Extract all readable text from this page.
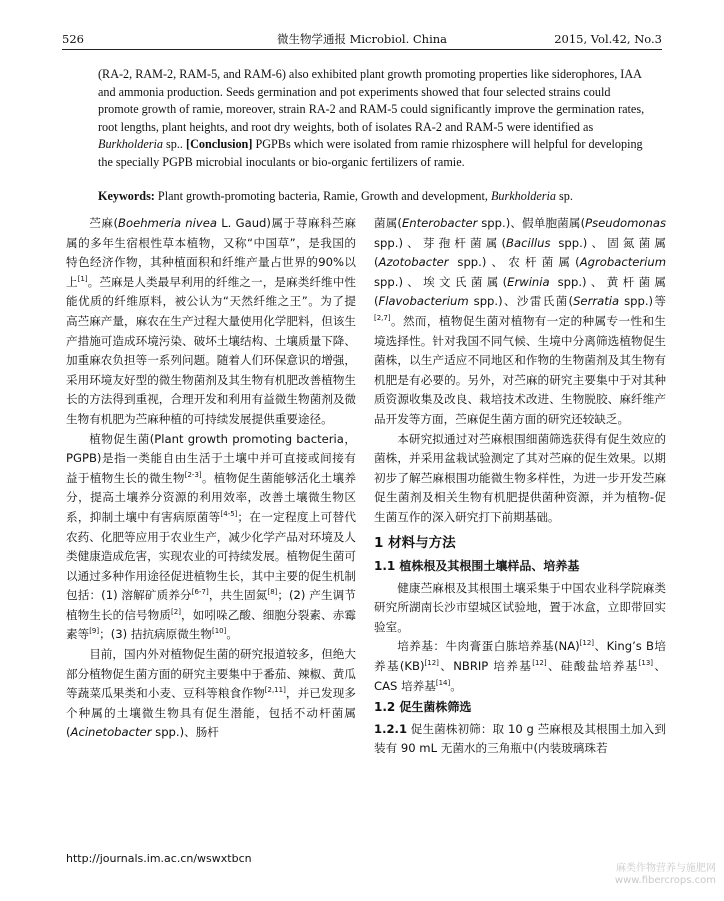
526	微生物学通报 Microbiol. China	2015, Vol.42, No.3
(RA-2, RAM-2, RAM-5, and RAM-6) also exhibited plant growth promoting properties like siderophores, IAA and ammonia production. Seeds germination and pot experiments showed that four selected strains could promote growth of ramie, moreover, strain RA-2 and RAM-5 could significantly improve the germination rates, root lengths, plant heights, and root dry weights, both of isolates RA-2 and RAM-5 were identified as Burkholderia sp.. [Conclusion] PGPBs which were isolated from ramie rhizosphere will helpful for developing the specially PGPB microbial inoculants or bio-organic fertilizers of ramie.
Keywords: Plant growth-promoting bacteria, Ramie, Growth and development, Burkholderia sp.

苎麻(Boehmeria nivea L. Gaud)属于荨麻科苎麻属的多年生宿根性草本植物，又称“中国草”，是我国的特色经济作物，其种植面积和纤维产量占世界的90%以上[1]。苎麻是人类最早利用的纤维之一，是麻类纤维中性能优质的纤维原料，被公认为“天然纤维之王”。为了提高苎麻产量，麻农在生产过程大量使用化学肥料，但该生产措施可造成环境污染、破坏土壤结构、土壤质量下降、加重麻农负担等一系列问题。随着人们环保意识的增强，采用环境友好型的微生物菌剂及其生物有机肥改善植物生长的方法得到重视，合理开发和利用有益微生物菌剂及微生物有机肥为苎麻种植的可持续发展提供重要途径。

植物促生菌(Plant growth promoting bacteria，PGPB)是指一类能自由生活于土壤中并可直接或间接有益于植物生长的微生物[2-3]。植物促生菌能够活化土壤养分，提高土壤养分资源的利用效率，改善土壤微生物区系，抑制土壤中有害病原菌等[4-5]；在一定程度上可替代农药、化肥等应用于农业生产，减少化学产品对环境及人类健康造成危害，实现农业的可持续发展。植物促生菌可以通过多种作用途径促进植物生长，其中主要的促生机制包括：(1) 溶解矿质养分[6-7]，共生固氮[8]；(2) 产生调节植物生长的信号物质[2]，如吲哚乙酸、细胞分裂素、赤霉素等[9]；(3) 拮抗病原微生物[10]。

目前，国内外对植物促生菌的研究报道较多，但绝大部分植物促生菌方面的研究主要集中于番茄、辣椒、黄瓜等蔬菜瓜果类和小麦、豆科等粮食作物[2,11]，并已发现多个种属的土壤微生物具有促生潜能，包括不动杆菌属(Acinetobacter spp.)、肠杆

菌属(Enterobacter spp.)、假单胞菌属(Pseudomonas spp.)、芽孢杆菌属(Bacillus spp.)、固氮菌属(Azotobacter spp.)、农杆菌属(Agrobacterium spp.)、埃文氏菌属(Erwinia spp.)、黄杆菌属(Flavobacterium spp.)、沙雷氏菌(Serratia spp.)等[2,7]。然而，植物促生菌对植物有一定的种属专一性和生境选择性。针对我国不同气候、生境中分离筛选植物促生菌株，以生产适应不同地区和作物的生物菌剂及其生物有机肥是有必要的。另外，对苎麻的研究主要集中于对其种质资源收集及改良、栽培技术改进、生物脱胶、麻纤维产品开发等方面，苎麻促生菌方面的研究还较缺乏。

本研究拟通过对苎麻根围细菌筛选获得有促生效应的菌株，并采用盆栽试验测定了其对苎麻的促生效果。以期初步了解苎麻根围功能微生物多样性，为进一步开发苎麻促生菌剂及相关生物有机肥提供菌种资源，并为植物-促生菌互作的深入研究打下前期基础。

1 材料与方法
1.1 植株根及其根围土壤样品、培养基

健康苎麻根及其根围土壤采集于中国农业科学院麻类研究所湖南长沙市望城区试验地，置于冰盒，立即带回实验室。

培养基：牛肉膏蛋白胨培养基(NA)[12]、King’s B培养基(KB)[12]、NBRIP 培养基[12]、硅酸盐培养基[13]、CAS 培养基[14]。

1.2 促生菌株筛选

1.2.1 促生菌株初筛：取 10 g 苎麻根及其根围土加入到装有 90 mL 无菌水的三角瓶中(内装玻璃珠若

http://journals.im.ac.cn/wswxtbcn
麻类作物营养与施肥网
www.fibercrops.com
